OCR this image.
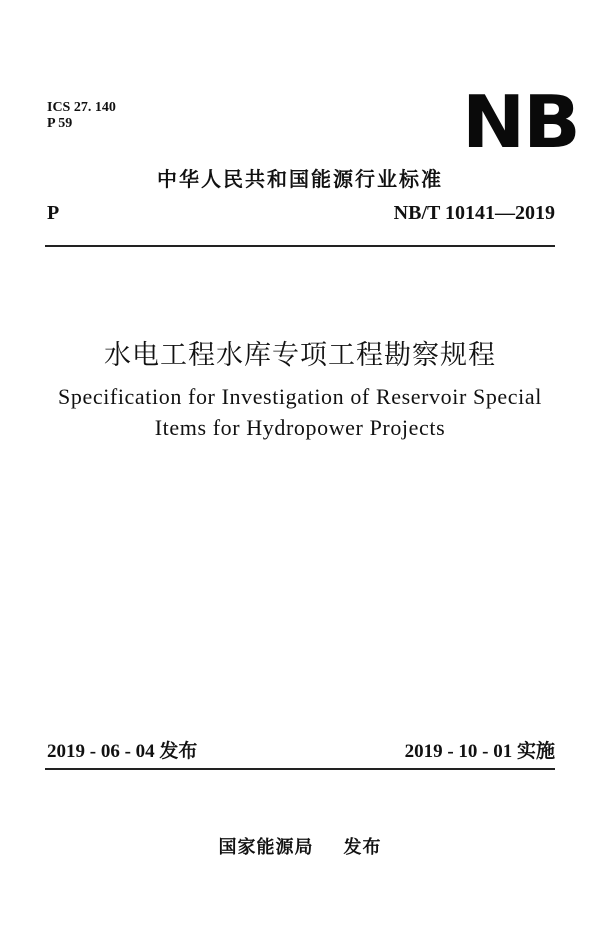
ICS 27. 140
P 59	NB
中华人民共和国能源行业标准
P	NB/T 10141—2019
水电工程水库专项工程勘察规程
Specification for Investigation of Reservoir Special
Items for Hydropower Projects
2019 - 06 - 04 发布	2019 - 10 - 01 实施
国家能源局 发布
